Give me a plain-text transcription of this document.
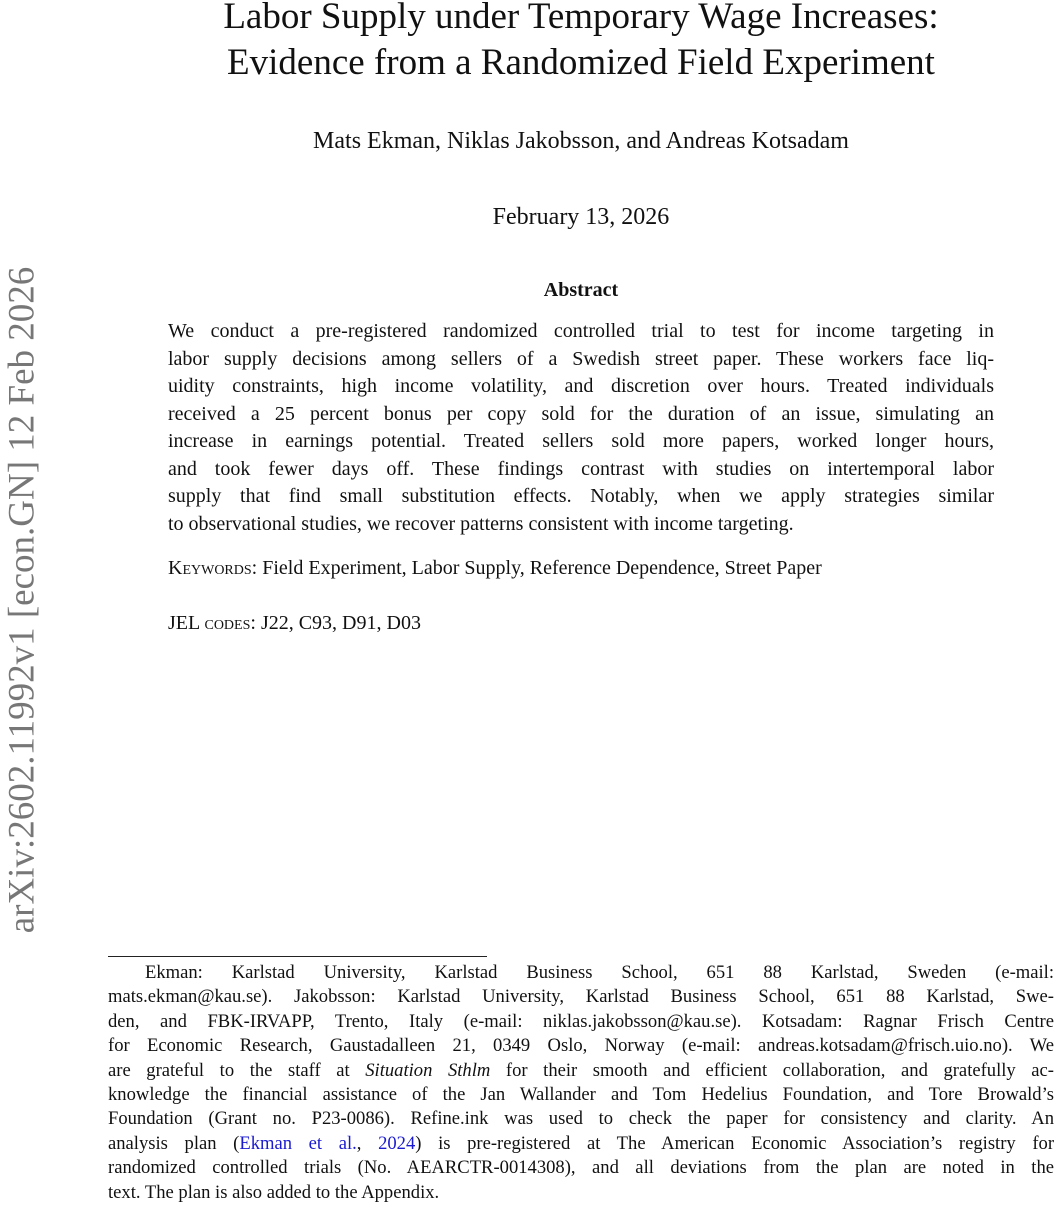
arXiv:2602.11992v1 [econ.GN] 12 Feb 2026
Labor Supply under Temporary Wage Increases:
Evidence from a Randomized Field Experiment
Mats Ekman, Niklas Jakobsson, and Andreas Kotsadam
February 13, 2026
Abstract
We conduct a pre-registered randomized controlled trial to test for income targeting in
labor supply decisions among sellers of a Swedish street paper. These workers face liq-
uidity constraints, high income volatility, and discretion over hours. Treated individuals
received a 25 percent bonus per copy sold for the duration of an issue, simulating an
increase in earnings potential. Treated sellers sold more papers, worked longer hours,
and took fewer days off. These findings contrast with studies on intertemporal labor
supply that find small substitution effects. Notably, when we apply strategies similar
to observational studies, we recover patterns consistent with income targeting.
Keywords: Field Experiment, Labor Supply, Reference Dependence, Street Paper
JEL codes: J22, C93, D91, D03
Ekman: Karlstad University, Karlstad Business School, 651 88 Karlstad, Sweden (e-mail:
mats.ekman@kau.se). Jakobsson: Karlstad University, Karlstad Business School, 651 88 Karlstad, Swe-
den, and FBK-IRVAPP, Trento, Italy (e-mail: niklas.jakobsson@kau.se). Kotsadam: Ragnar Frisch Centre
for Economic Research, Gaustadalleen 21, 0349 Oslo, Norway (e-mail: andreas.kotsadam@frisch.uio.no). We
are grateful to the staff at Situation Sthlm for their smooth and efficient collaboration, and gratefully ac-
knowledge the financial assistance of the Jan Wallander and Tom Hedelius Foundation, and Tore Browald’s
Foundation (Grant no. P23-0086). Refine.ink was used to check the paper for consistency and clarity. An
analysis plan (Ekman et al., 2024) is pre-registered at The American Economic Association’s registry for
randomized controlled trials (No. AEARCTR-0014308), and all deviations from the plan are noted in the
text. The plan is also added to the Appendix.
